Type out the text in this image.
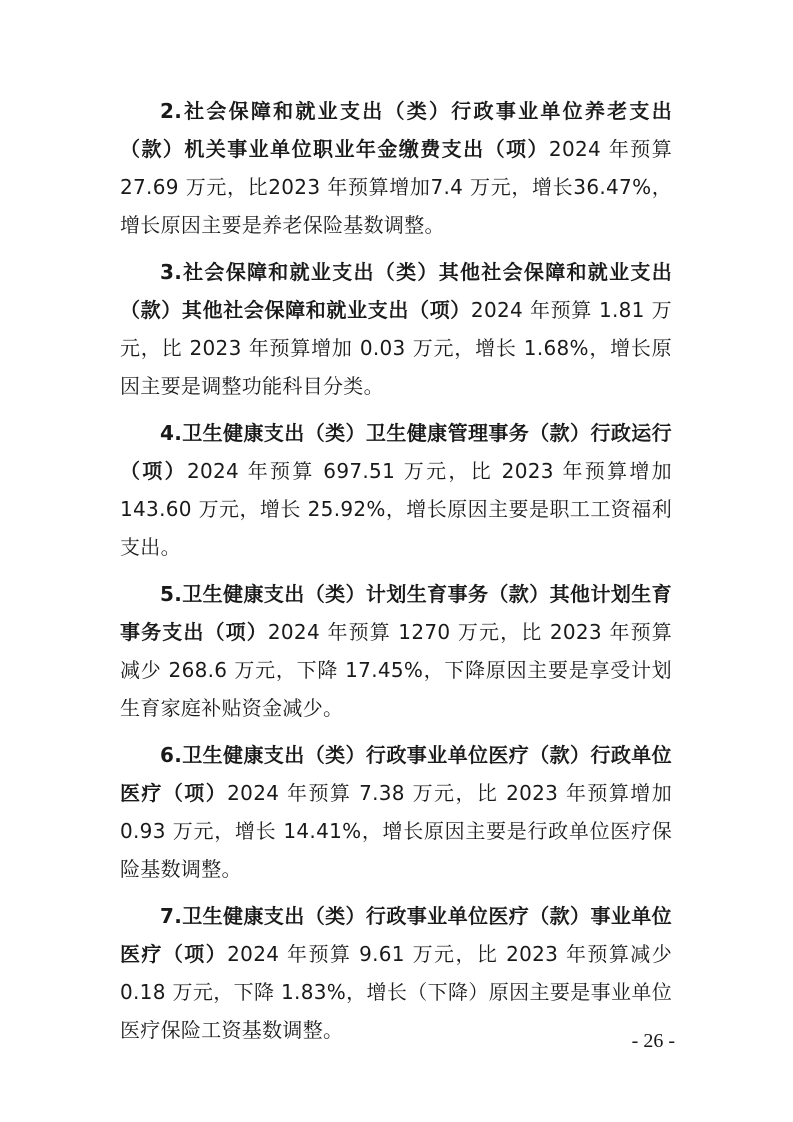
2.社会保障和就业支出（类）行政事业单位养老支出（款）机关事业单位职业年金缴费支出（项）2024 年预算27.69 万元，比2023 年预算增加7.4 万元，增长36.47%，增长原因主要是养老保险基数调整。

3.社会保障和就业支出（类）其他社会保障和就业支出（款）其他社会保障和就业支出（项）2024 年预算 1.81 万元，比 2023 年预算增加 0.03 万元，增长 1.68%，增长原因主要是调整功能科目分类。

4.卫生健康支出（类）卫生健康管理事务（款）行政运行（项）2024 年预算 697.51 万元，比 2023 年预算增加 143.60 万元，增长 25.92%，增长原因主要是职工工资福利支出。

5.卫生健康支出（类）计划生育事务（款）其他计划生育事务支出（项）2024 年预算 1270 万元，比 2023 年预算减少 268.6 万元，下降 17.45%，下降原因主要是享受计划生育家庭补贴资金减少。

6.卫生健康支出（类）行政事业单位医疗（款）行政单位医疗（项）2024 年预算 7.38 万元，比 2023 年预算增加 0.93 万元，增长 14.41%，增长原因主要是行政单位医疗保险基数调整。

7.卫生健康支出（类）行政事业单位医疗（款）事业单位医疗（项）2024 年预算 9.61 万元，比 2023 年预算减少 0.18 万元，下降 1.83%，增长（下降）原因主要是事业单位医疗保险工资基数调整。	- 26 -
